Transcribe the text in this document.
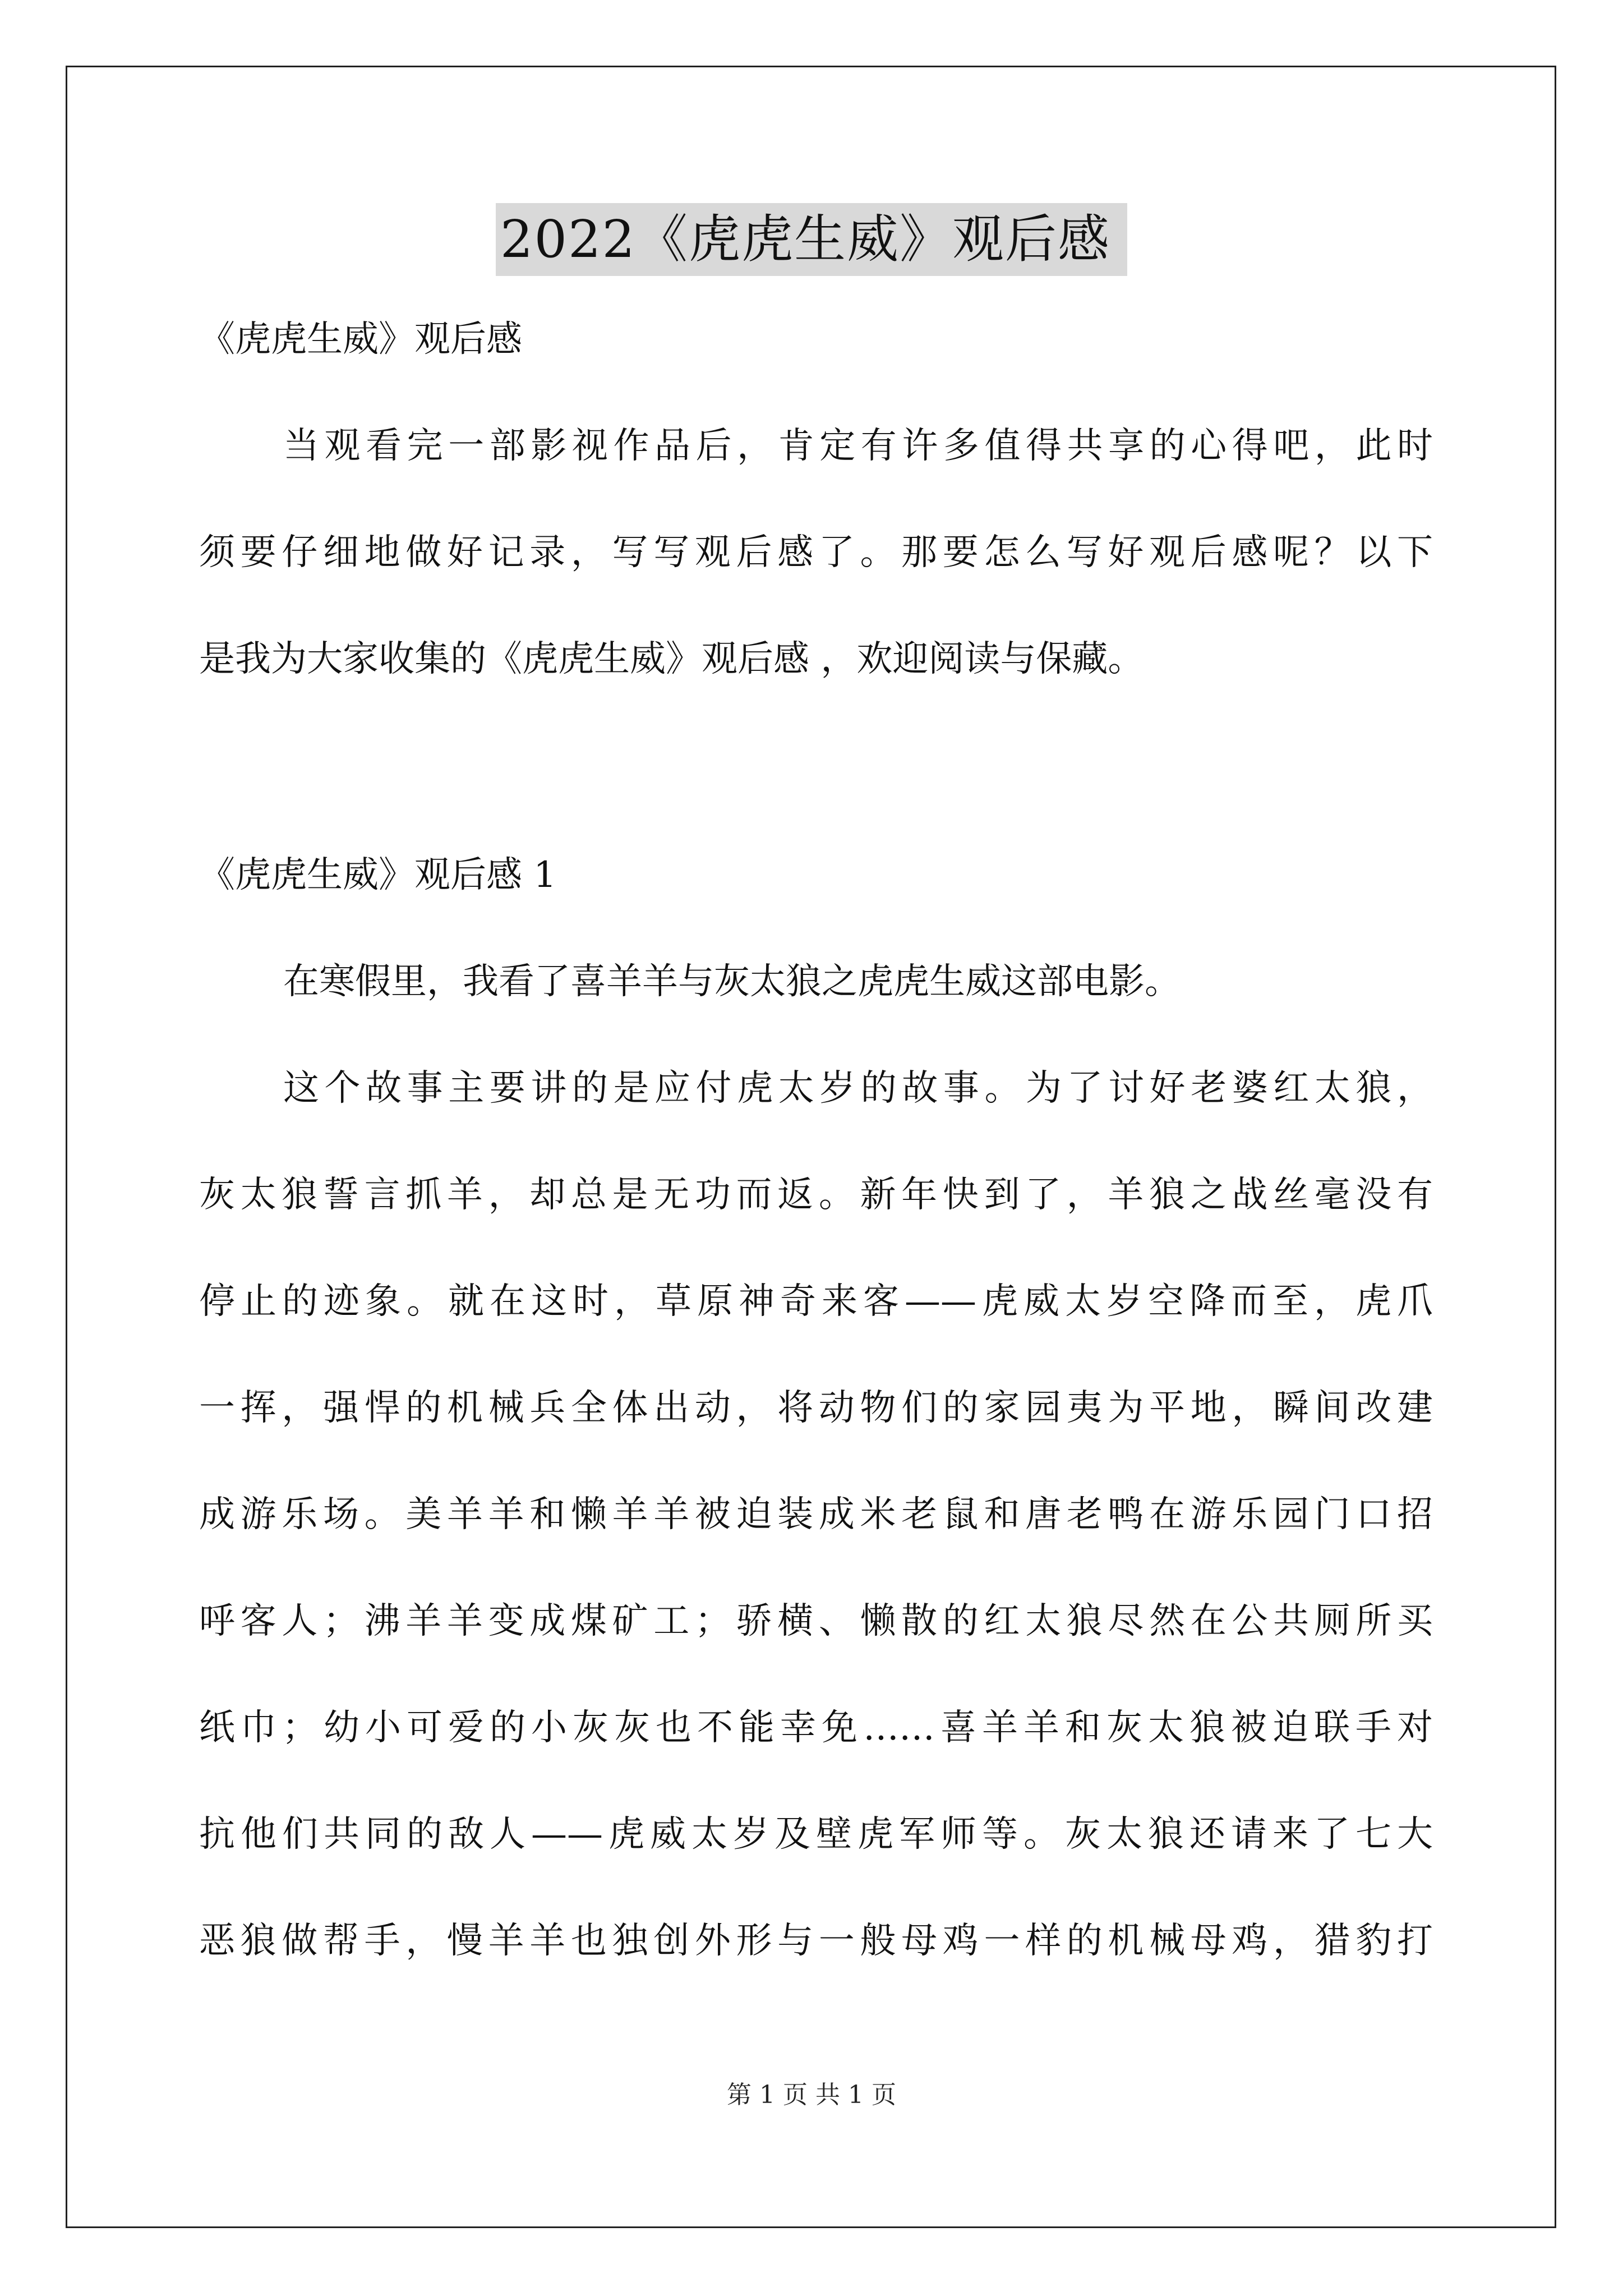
2022《虎虎生威》观后感
《虎虎生威》观后感
当观看完一部影视作品后，肯定有许多值得共享的心得吧，此时
须要仔细地做好记录，写写观后感了。那要怎么写好观后感呢？以下
是我为大家收集的《虎虎生威》观后感 ，欢迎阅读与保藏。
《虎虎生威》观后感 1
在寒假里，我看了喜羊羊与灰太狼之虎虎生威这部电影。
这个故事主要讲的是应付虎太岁的故事。为了讨好老婆红太狼，
灰太狼誓言抓羊，却总是无功而返。新年快到了，羊狼之战丝毫没有
停止的迹象。就在这时，草原神奇来客——虎威太岁空降而至，虎爪
一挥，强悍的机械兵全体出动，将动物们的家园夷为平地，瞬间改建
成游乐场。美羊羊和懒羊羊被迫装成米老鼠和唐老鸭在游乐园门口招
呼客人；沸羊羊变成煤矿工；骄横、懒散的红太狼尽然在公共厕所买
纸巾；幼小可爱的小灰灰也不能幸免……喜羊羊和灰太狼被迫联手对
抗他们共同的敌人——虎威太岁及壁虎军师等。灰太狼还请来了七大
恶狼做帮手，慢羊羊也独创外形与一般母鸡一样的机械母鸡，猎豹打
第 1 页 共 1 页
